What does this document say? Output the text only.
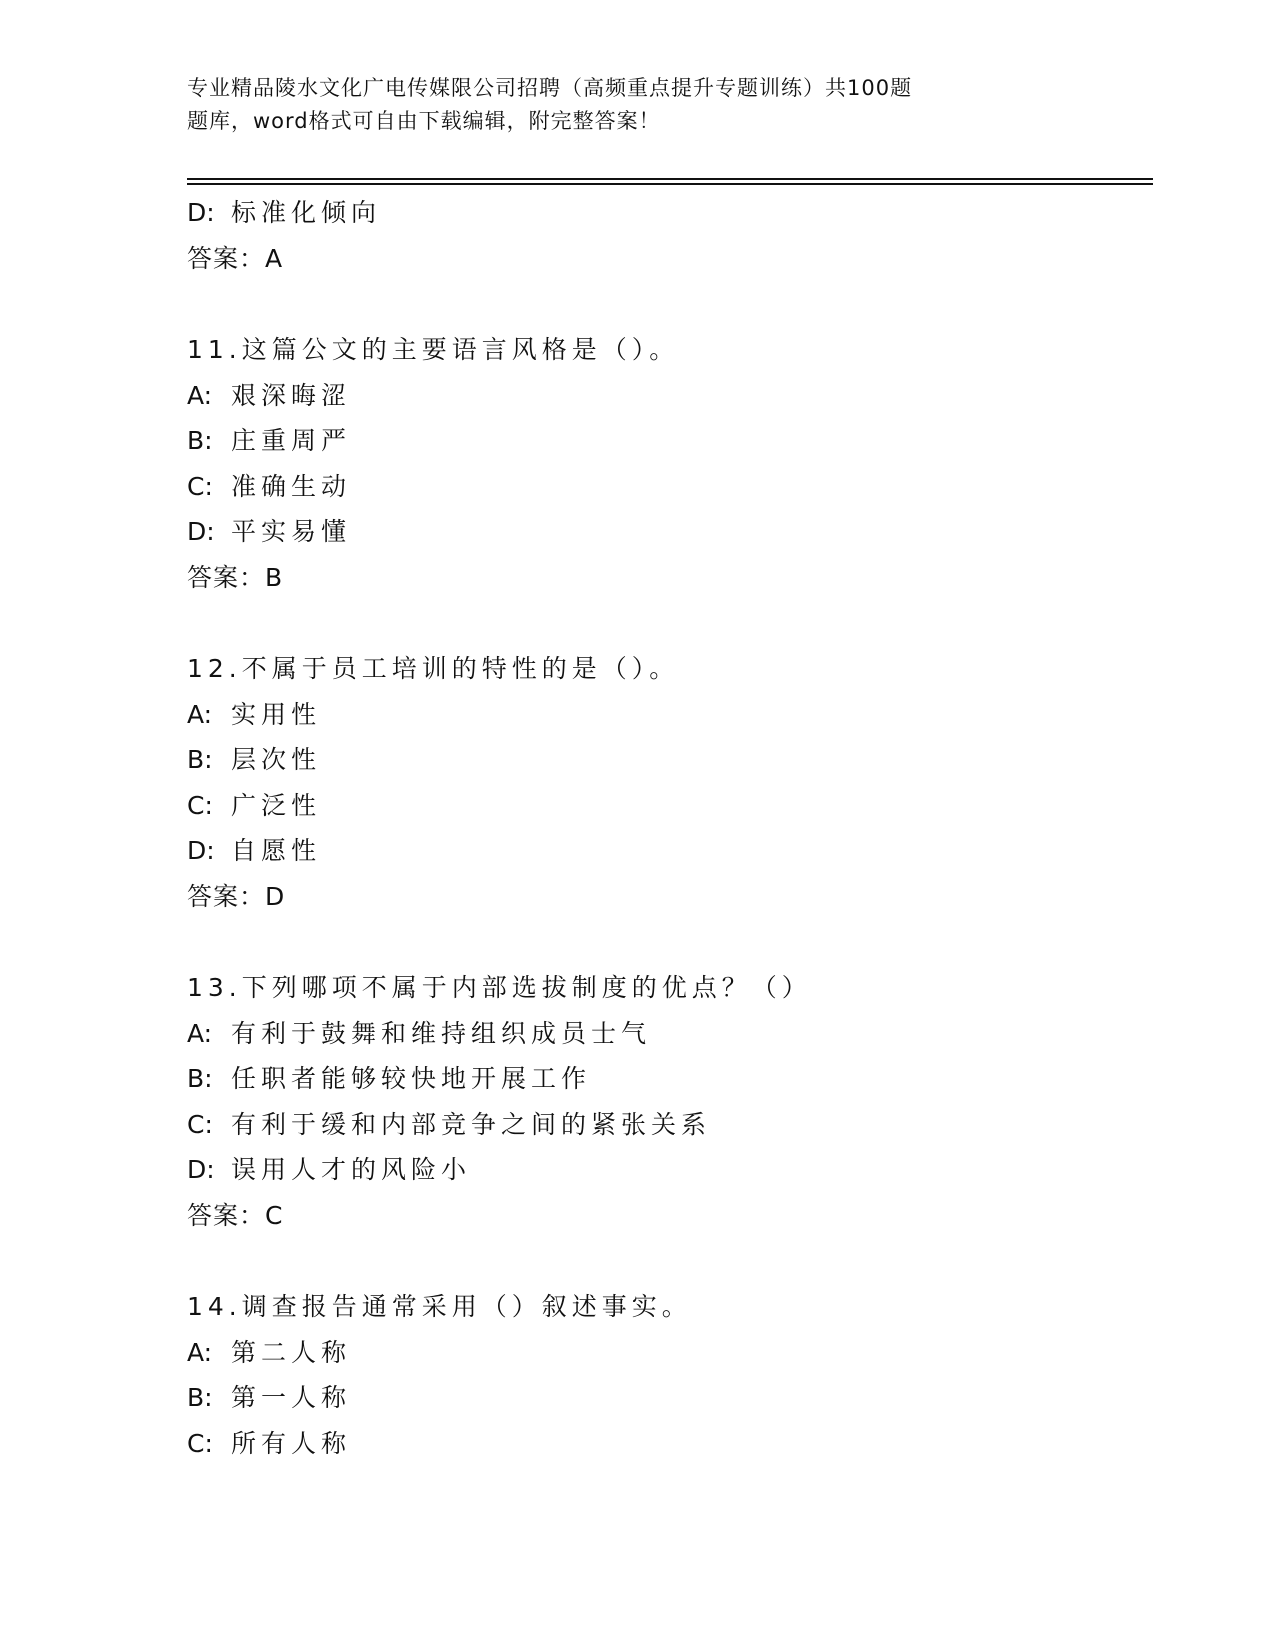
专业精品陵水文化广电传媒限公司招聘（高频重点提升专题训练）共100题
题库，word格式可自由下载编辑，附完整答案！
D: 标准化倾向
答案：A
11.这篇公文的主要语言风格是（）。
A: 艰深晦涩
B: 庄重周严
C: 准确生动
D: 平实易懂
答案：B
12.不属于员工培训的特性的是（）。
A: 实用性
B: 层次性
C: 广泛性
D: 自愿性
答案：D
13.下列哪项不属于内部选拔制度的优点？（）
A: 有利于鼓舞和维持组织成员士气
B: 任职者能够较快地开展工作
C: 有利于缓和内部竞争之间的紧张关系
D: 误用人才的风险小
答案：C
14.调查报告通常采用（）叙述事实。
A: 第二人称
B: 第一人称
C: 所有人称
